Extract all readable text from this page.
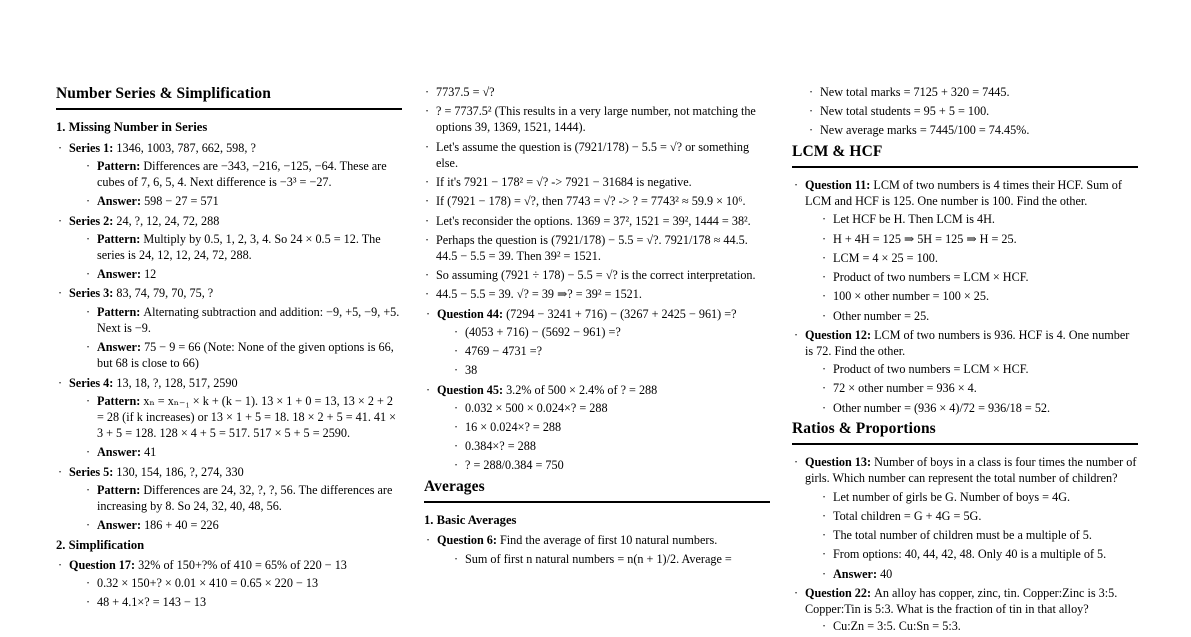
Number Series & Simplification
1. Missing Number in Series
· Series 1: 1346, 1003, 787, 662, 598, ?
· Pattern: Differences are −343, −216, −125, −64. These are cubes of 7, 6, 5, 4. Next difference is −3³ = −27.
· Answer: 598 − 27 = 571
· Series 2: 24, ?, 12, 24, 72, 288
· Pattern: Multiply by 0.5, 1, 2, 3, 4. So 24 × 0.5 = 12. The series is 24, 12, 12, 24, 72, 288.
· Answer: 12
· Series 3: 83, 74, 79, 70, 75, ?
· Pattern: Alternating subtraction and addition: −9, +5, −9, +5. Next is −9.
· Answer: 75 − 9 = 66 (Note: None of the given options is 66, but 68 is close to 66)
· Series 4: 13, 18, ?, 128, 517, 2590
· Pattern: xₙ = xₙ₋₁ × k + (k − 1). 13 × 1 + 0 = 13, 13 × 2 + 2 = 28 (if k increases) or 13 × 1 + 5 = 18. 18 × 2 + 5 = 41. 41 × 3 + 5 = 128. 128 × 4 + 5 = 517. 517 × 5 + 5 = 2590.
· Answer: 41
· Series 5: 130, 154, 186, ?, 274, 330
· Pattern: Differences are 24, 32, ?, ?, 56. The differences are increasing by 8. So 24, 32, 40, 48, 56.
· Answer: 186 + 40 = 226
2. Simplification
· Question 17: 32% of 150+?% of 410 = 65% of 220 − 13
· 0.32 × 150+? × 0.01 × 410 = 0.65 × 220 − 13
· 48 + 4.1×? = 143 − 13
· 7737.5 = √?
· ? = 7737.5² (This results in a very large number, not matching the options 39, 1369, 1521, 1444).
· Let's assume the question is (7921/178) − 5.5 = √? or something else.
· If it's 7921 − 178² = √? -> 7921 − 31684 is negative.
· If (7921 − 178) = √?, then 7743 = √? -> ? = 7743² ≈ 59.9 × 10⁶.
· Let's reconsider the options. 1369 = 37², 1521 = 39², 1444 = 38².
· Perhaps the question is (7921/178) − 5.5 = √?. 7921/178 ≈ 44.5. 44.5 − 5.5 = 39. Then 39² = 1521.
· So assuming (7921 ÷ 178) − 5.5 = √? is the correct interpretation.
· 44.5 − 5.5 = 39. √? = 39 ⇒? = 39² = 1521.
· Question 44: (7294 − 3241 + 716) − (3267 + 2425 − 961) =?
· (4053 + 716) − (5692 − 961) =?
· 4769 − 4731 =?
· 38
· Question 45: 3.2% of 500 × 2.4% of ? = 288
· 0.032 × 500 × 0.024×? = 288
· 16 × 0.024×? = 288
· 0.384×? = 288
· ? = 288/0.384 = 750
Averages
1. Basic Averages
· Question 6: Find the average of first 10 natural numbers.
· Sum of first n natural numbers = n(n + 1)/2. Average =
· New total marks = 7125 + 320 = 7445.
· New total students = 95 + 5 = 100.
· New average marks = 7445/100 = 74.45%.
LCM & HCF
· Question 11: LCM of two numbers is 4 times their HCF. Sum of LCM and HCF is 125. One number is 100. Find the other.
· Let HCF be H. Then LCM is 4H.
· H + 4H = 125 ⇒ 5H = 125 ⇒ H = 25.
· LCM = 4 × 25 = 100.
· Product of two numbers = LCM × HCF.
· 100 × other number = 100 × 25.
· Other number = 25.
· Question 12: LCM of two numbers is 936. HCF is 4. One number is 72. Find the other.
· Product of two numbers = LCM × HCF.
· 72 × other number = 936 × 4.
· Other number = (936 × 4)/72 = 936/18 = 52.
Ratios & Proportions
· Question 13: Number of boys in a class is four times the number of girls. Which number can represent the total number of children?
· Let number of girls be G. Number of boys = 4G.
· Total children = G + 4G = 5G.
· The total number of children must be a multiple of 5.
· From options: 40, 44, 42, 48. Only 40 is a multiple of 5.
· Answer: 40
· Question 22: An alloy has copper, zinc, tin. Copper:Zinc is 3:5. Copper:Tin is 5:3. What is the fraction of tin in that alloy?
· Cu:Zn = 3:5. Cu:Sn = 5:3.
